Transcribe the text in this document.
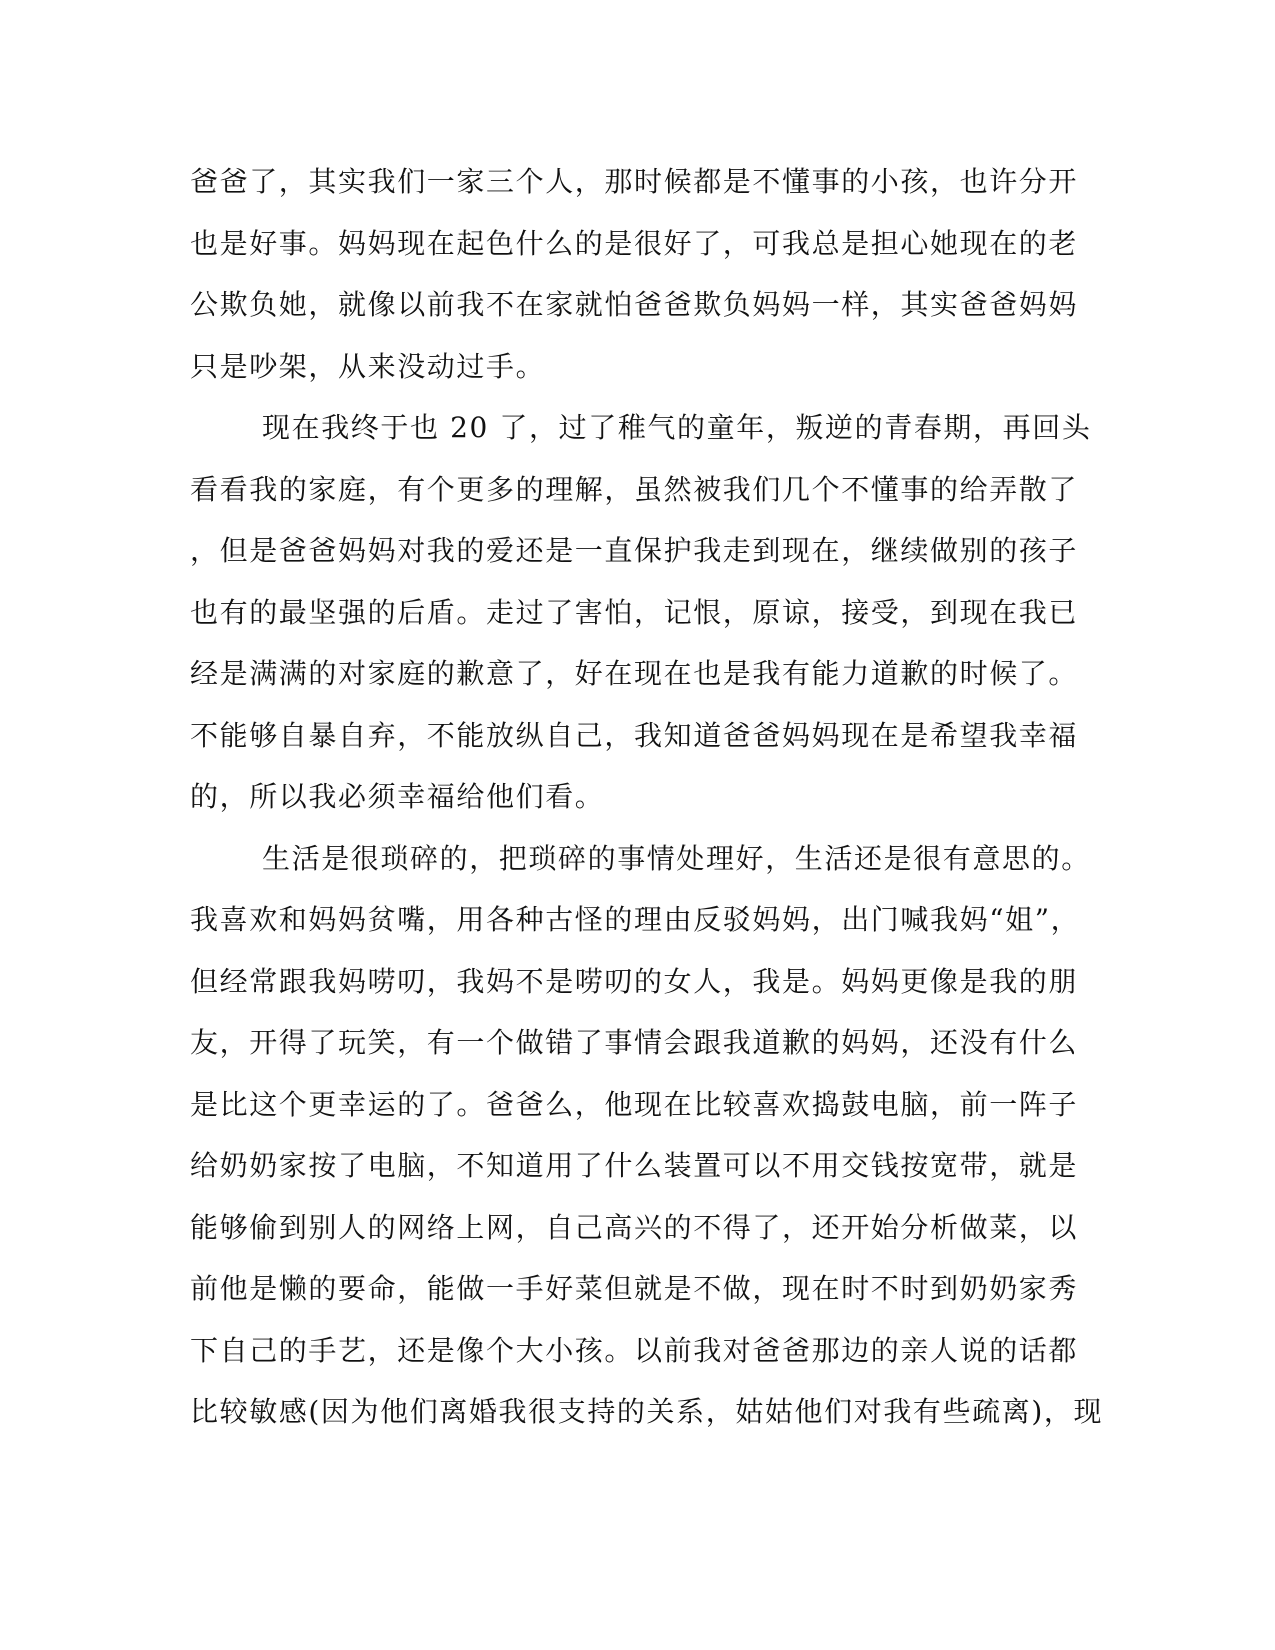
爸爸了，其实我们一家三个人，那时候都是不懂事的小孩，也许分开
也是好事。妈妈现在起色什么的是很好了，可我总是担心她现在的老
公欺负她，就像以前我不在家就怕爸爸欺负妈妈一样，其实爸爸妈妈
只是吵架，从来没动过手。
现在我终于也 20 了，过了稚气的童年，叛逆的青春期，再回头
看看我的家庭，有个更多的理解，虽然被我们几个不懂事的给弄散了
，但是爸爸妈妈对我的爱还是一直保护我走到现在，继续做别的孩子
也有的最坚强的后盾。走过了害怕，记恨，原谅，接受，到现在我已
经是满满的对家庭的歉意了，好在现在也是我有能力道歉的时候了。
不能够自暴自弃，不能放纵自己，我知道爸爸妈妈现在是希望我幸福
的，所以我必须幸福给他们看。
生活是很琐碎的，把琐碎的事情处理好，生活还是很有意思的。
我喜欢和妈妈贫嘴，用各种古怪的理由反驳妈妈，出门喊我妈“姐”，
但经常跟我妈唠叨，我妈不是唠叨的女人，我是。妈妈更像是我的朋
友，开得了玩笑，有一个做错了事情会跟我道歉的妈妈，还没有什么
是比这个更幸运的了。爸爸么，他现在比较喜欢捣鼓电脑，前一阵子
给奶奶家按了电脑，不知道用了什么装置可以不用交钱按宽带，就是
能够偷到别人的网络上网，自己高兴的不得了，还开始分析做菜，以
前他是懒的要命，能做一手好菜但就是不做，现在时不时到奶奶家秀
下自己的手艺，还是像个大小孩。以前我对爸爸那边的亲人说的话都
比较敏感(因为他们离婚我很支持的关系，姑姑他们对我有些疏离)，现
